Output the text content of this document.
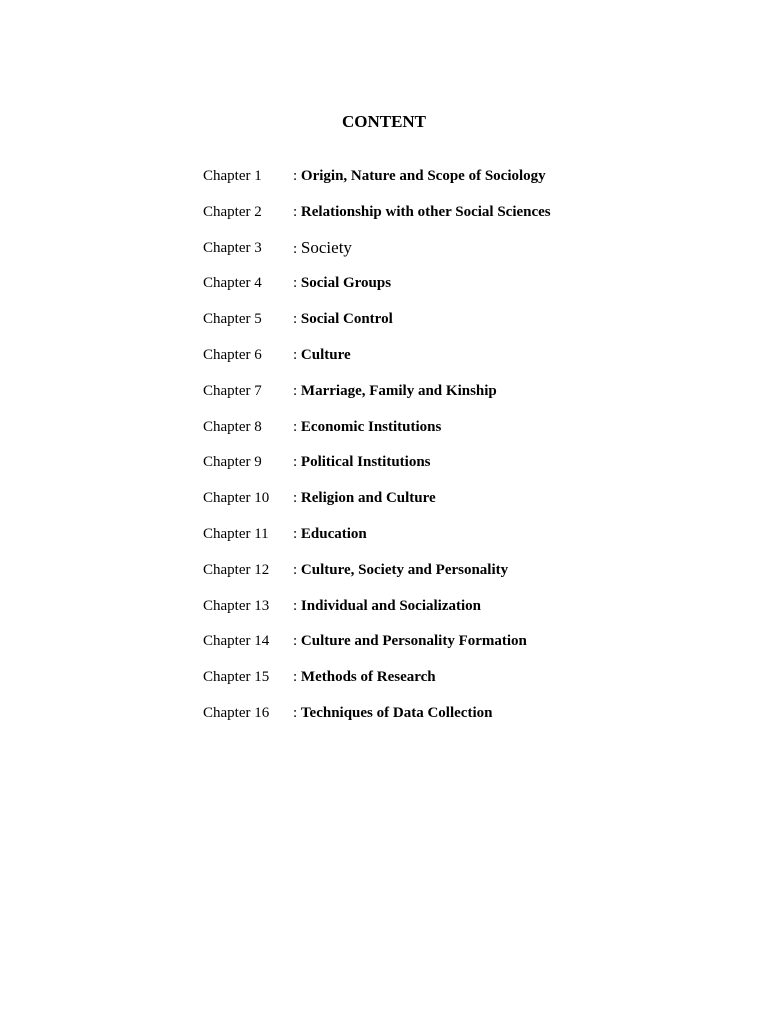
CONTENT
Chapter 1	: Origin, Nature and Scope of Sociology
Chapter 2	: Relationship with other Social Sciences
Chapter 3	: Society
Chapter 4	: Social Groups
Chapter 5	: Social Control
Chapter 6	: Culture
Chapter 7	: Marriage, Family and Kinship
Chapter 8	: Economic Institutions
Chapter 9	: Political Institutions
Chapter 10	: Religion and Culture
Chapter 11	: Education
Chapter 12	: Culture, Society and Personality
Chapter 13	: Individual and Socialization
Chapter 14	: Culture and Personality Formation
Chapter 15	: Methods of Research
Chapter 16	: Techniques of Data Collection
